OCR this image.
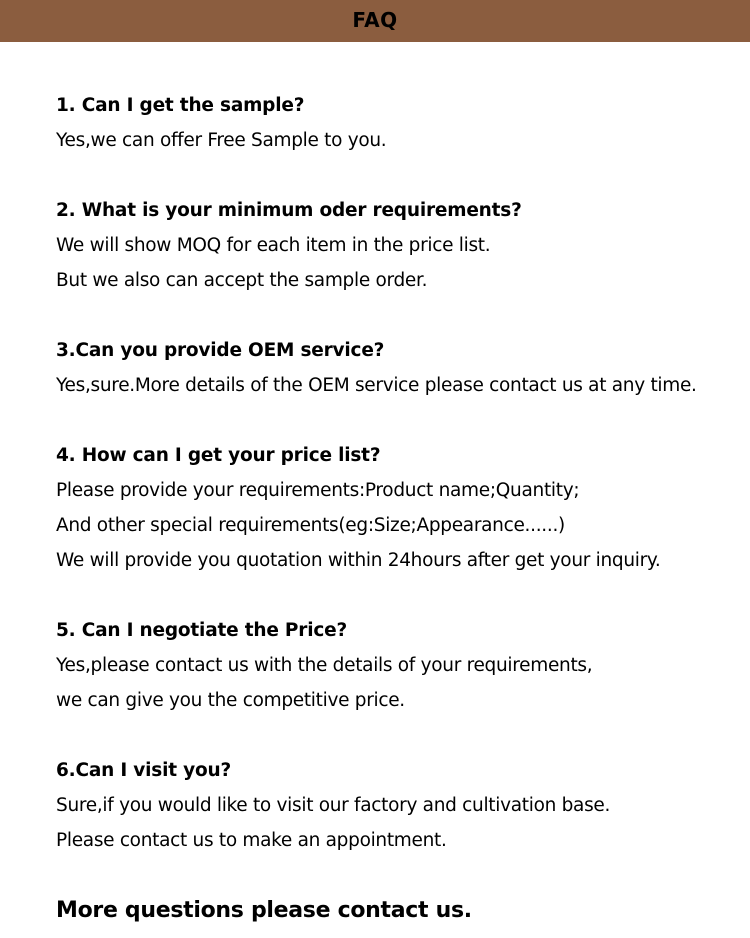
FAQ
1. Can I get the sample?
Yes,we can offer Free Sample to you.
2. What is your minimum oder requirements?
We will show MOQ for each item in the price list.
But we also can accept the sample order.
3.Can you provide OEM service?
Yes,sure.More details of the OEM service please contact us at any time.
4. How can I get your price list?
Please provide your requirements:Product name;Quantity;
And other special requirements(eg:Size;Appearance......)
We will provide you quotation within 24hours after get your inquiry.
5. Can I negotiate the Price?
Yes,please contact us with the details of your requirements,
we can give you the competitive price.
6.Can I visit you?
Sure,if you would like to visit our factory and cultivation base.
Please contact us to make an appointment.
More questions please contact us.
